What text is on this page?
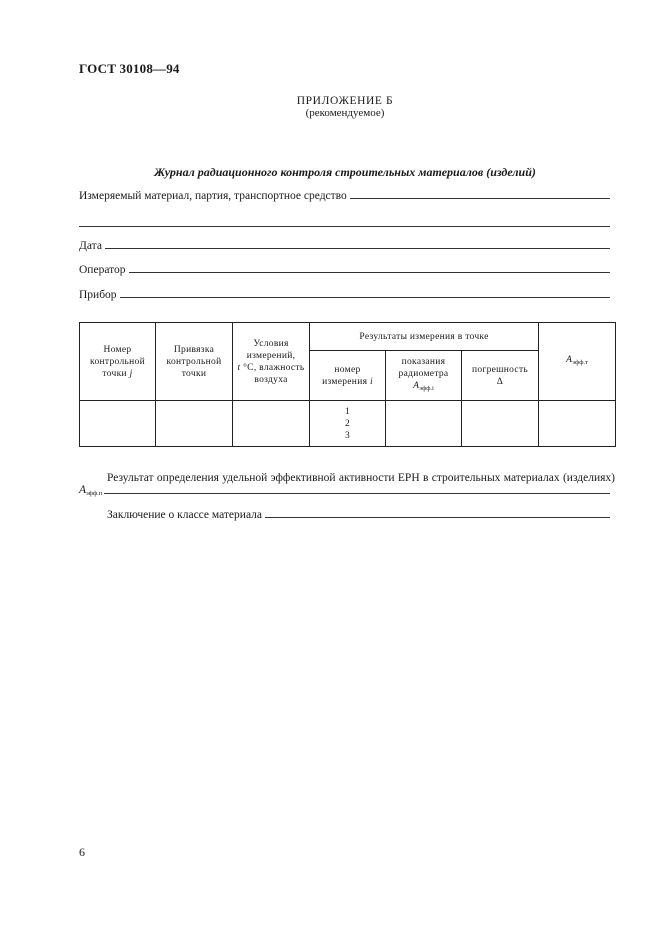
ГОСТ 30108—94
ПРИЛОЖЕНИЕ Б
(рекомендуемое)
Журнал радиационного контроля строительных материалов (изделий)
Измеряемый материал, партия, транспортное средство
Дата
Оператор
Прибор
Номер
контрольной
точки j	Привязка
контрольной
точки	Условия
измерений,
t °C, влажность
воздуха	Результаты измерения в точке			$A_{эфф.т}$
			номер
измерения i	показания
радиометра
$A_{эфф.i}$	погрешность
Δ	
			1
2
3			
Результат определения удельной эффективной активности ЕРН в строительных материалах (изделиях)
$A_{эфф.п}$
Заключение о классе материала
6
